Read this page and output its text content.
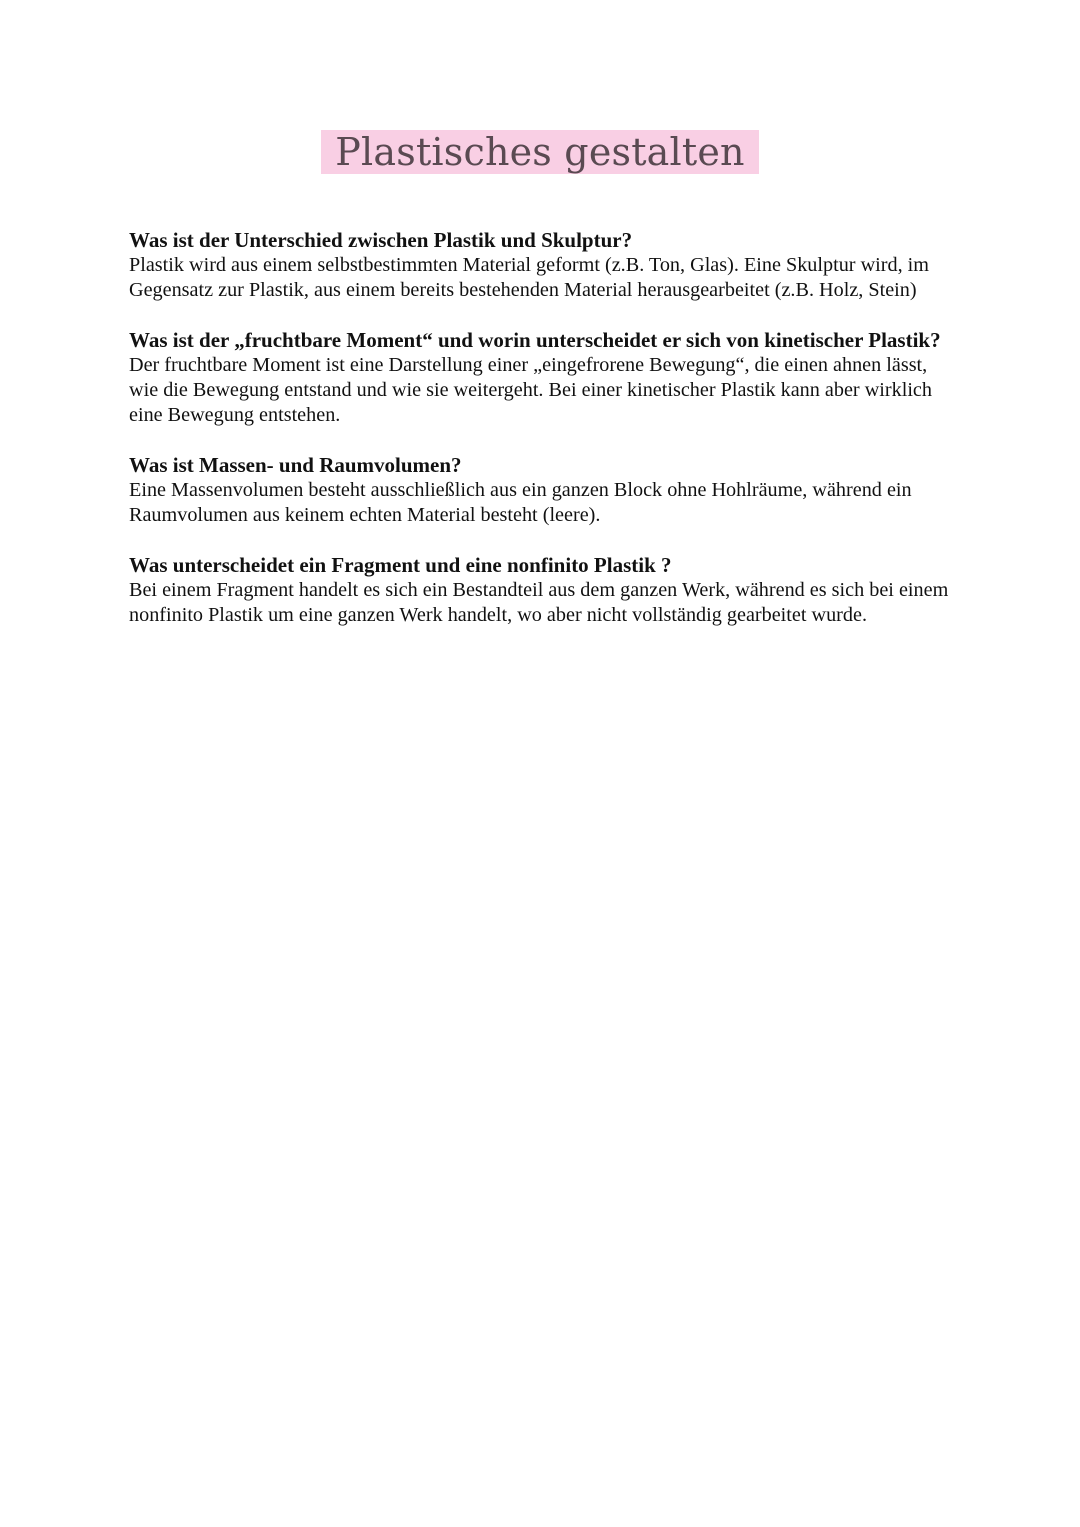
Plastisches gestalten

Was ist der Unterschied zwischen Plastik und Skulptur?

Plastik wird aus einem selbstbestimmten Material geformt (z.B. Ton, Glas). Eine Skulptur wird, im Gegensatz zur Plastik, aus einem bereits bestehenden Material herausgearbeitet (z.B. Holz, Stein)

Was ist der „fruchtbare Moment“ und worin unterscheidet er sich von kinetischer Plastik?

Der fruchtbare Moment ist eine Darstellung einer „eingefrorene Bewegung“, die einen ahnen lässt, wie die Bewegung entstand und wie sie weitergeht. Bei einer kinetischer Plastik kann aber wirklich eine Bewegung entstehen.

Was ist Massen- und Raumvolumen?

Eine Massenvolumen besteht ausschließlich aus ein ganzen Block ohne Hohlräume, während ein Raumvolumen aus keinem echten Material besteht (leere).

Was unterscheidet ein Fragment und eine nonfinito Plastik ?

Bei einem Fragment handelt es sich ein Bestandteil aus dem ganzen Werk, während es sich bei einem nonfinito Plastik um eine ganzen Werk handelt, wo aber nicht vollständig gearbeitet wurde.
